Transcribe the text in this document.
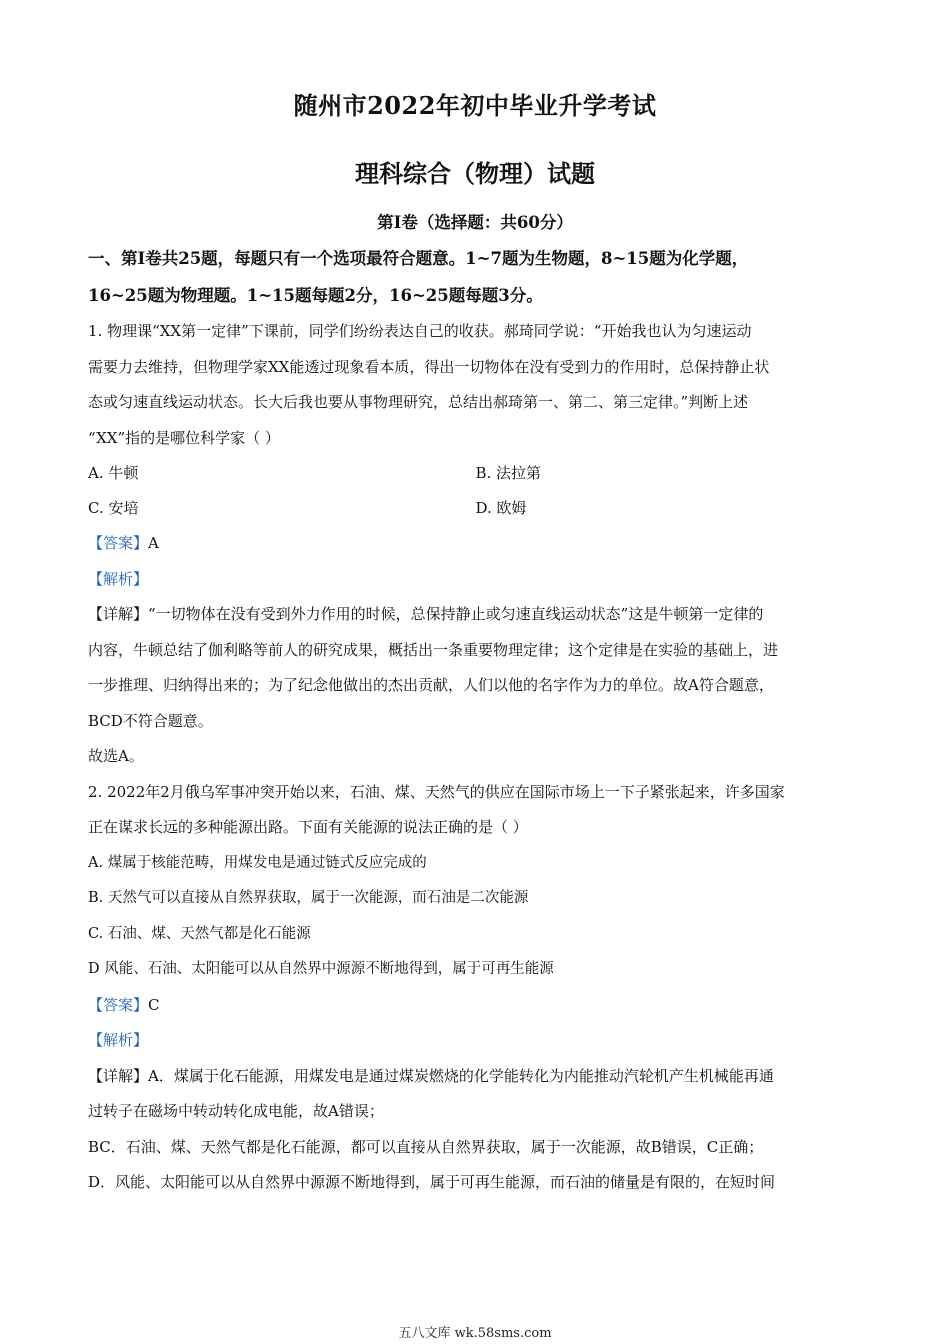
随州市2022年初中毕业升学考试
理科综合（物理）试题
第I卷（选择题：共60分）
一、第I卷共25题，每题只有一个选项最符合题意。1~7题为生物题，8~15题为化学题，
16~25题为物理题。1~15题每题2分，16~25题每题3分。
1. 物理课“XX第一定律”下课前，同学们纷纷表达自己的收获。郝琦同学说：“开始我也认为匀速运动
需要力去维持，但物理学家XX能透过现象看本质，得出一切物体在没有受到力的作用时，总保持静止状
态或匀速直线运动状态。长大后我也要从事物理研究，总结出郝琦第一、第二、第三定律。”判断上述
“XX”指的是哪位科学家（ ）
A. 牛顿	B. 法拉第
C. 安培	D. 欧姆
【答案】A
【解析】
【详解】“一切物体在没有受到外力作用的时候，总保持静止或匀速直线运动状态”这是牛顿第一定律的
内容，牛顿总结了伽利略等前人的研究成果，概括出一条重要物理定律；这个定律是在实验的基础上，进
一步推理、归纳得出来的；为了纪念他做出的杰出贡献，人们以他的名字作为力的单位。故A符合题意，
BCD不符合题意。
故选A。
2. 2022年2月俄乌军事冲突开始以来，石油、煤、天然气的供应在国际市场上一下子紧张起来，许多国家
正在谋求长远的多种能源出路。下面有关能源的说法正确的是（ ）
A. 煤属于核能范畴，用煤发电是通过链式反应完成的
B. 天然气可以直接从自然界获取，属于一次能源，而石油是二次能源
C. 石油、煤、天然气都是化石能源
D 风能、石油、太阳能可以从自然界中源源不断地得到，属于可再生能源
【答案】C
【解析】
【详解】A．煤属于化石能源，用煤发电是通过煤炭燃烧的化学能转化为内能推动汽轮机产生机械能再通
过转子在磁场中转动转化成电能，故A错误；
BC．石油、煤、天然气都是化石能源，都可以直接从自然界获取，属于一次能源，故B错误，C正确；
D．风能、太阳能可以从自然界中源源不断地得到，属于可再生能源，而石油的储量是有限的，在短时间
五八文库 wk.58sms.com
